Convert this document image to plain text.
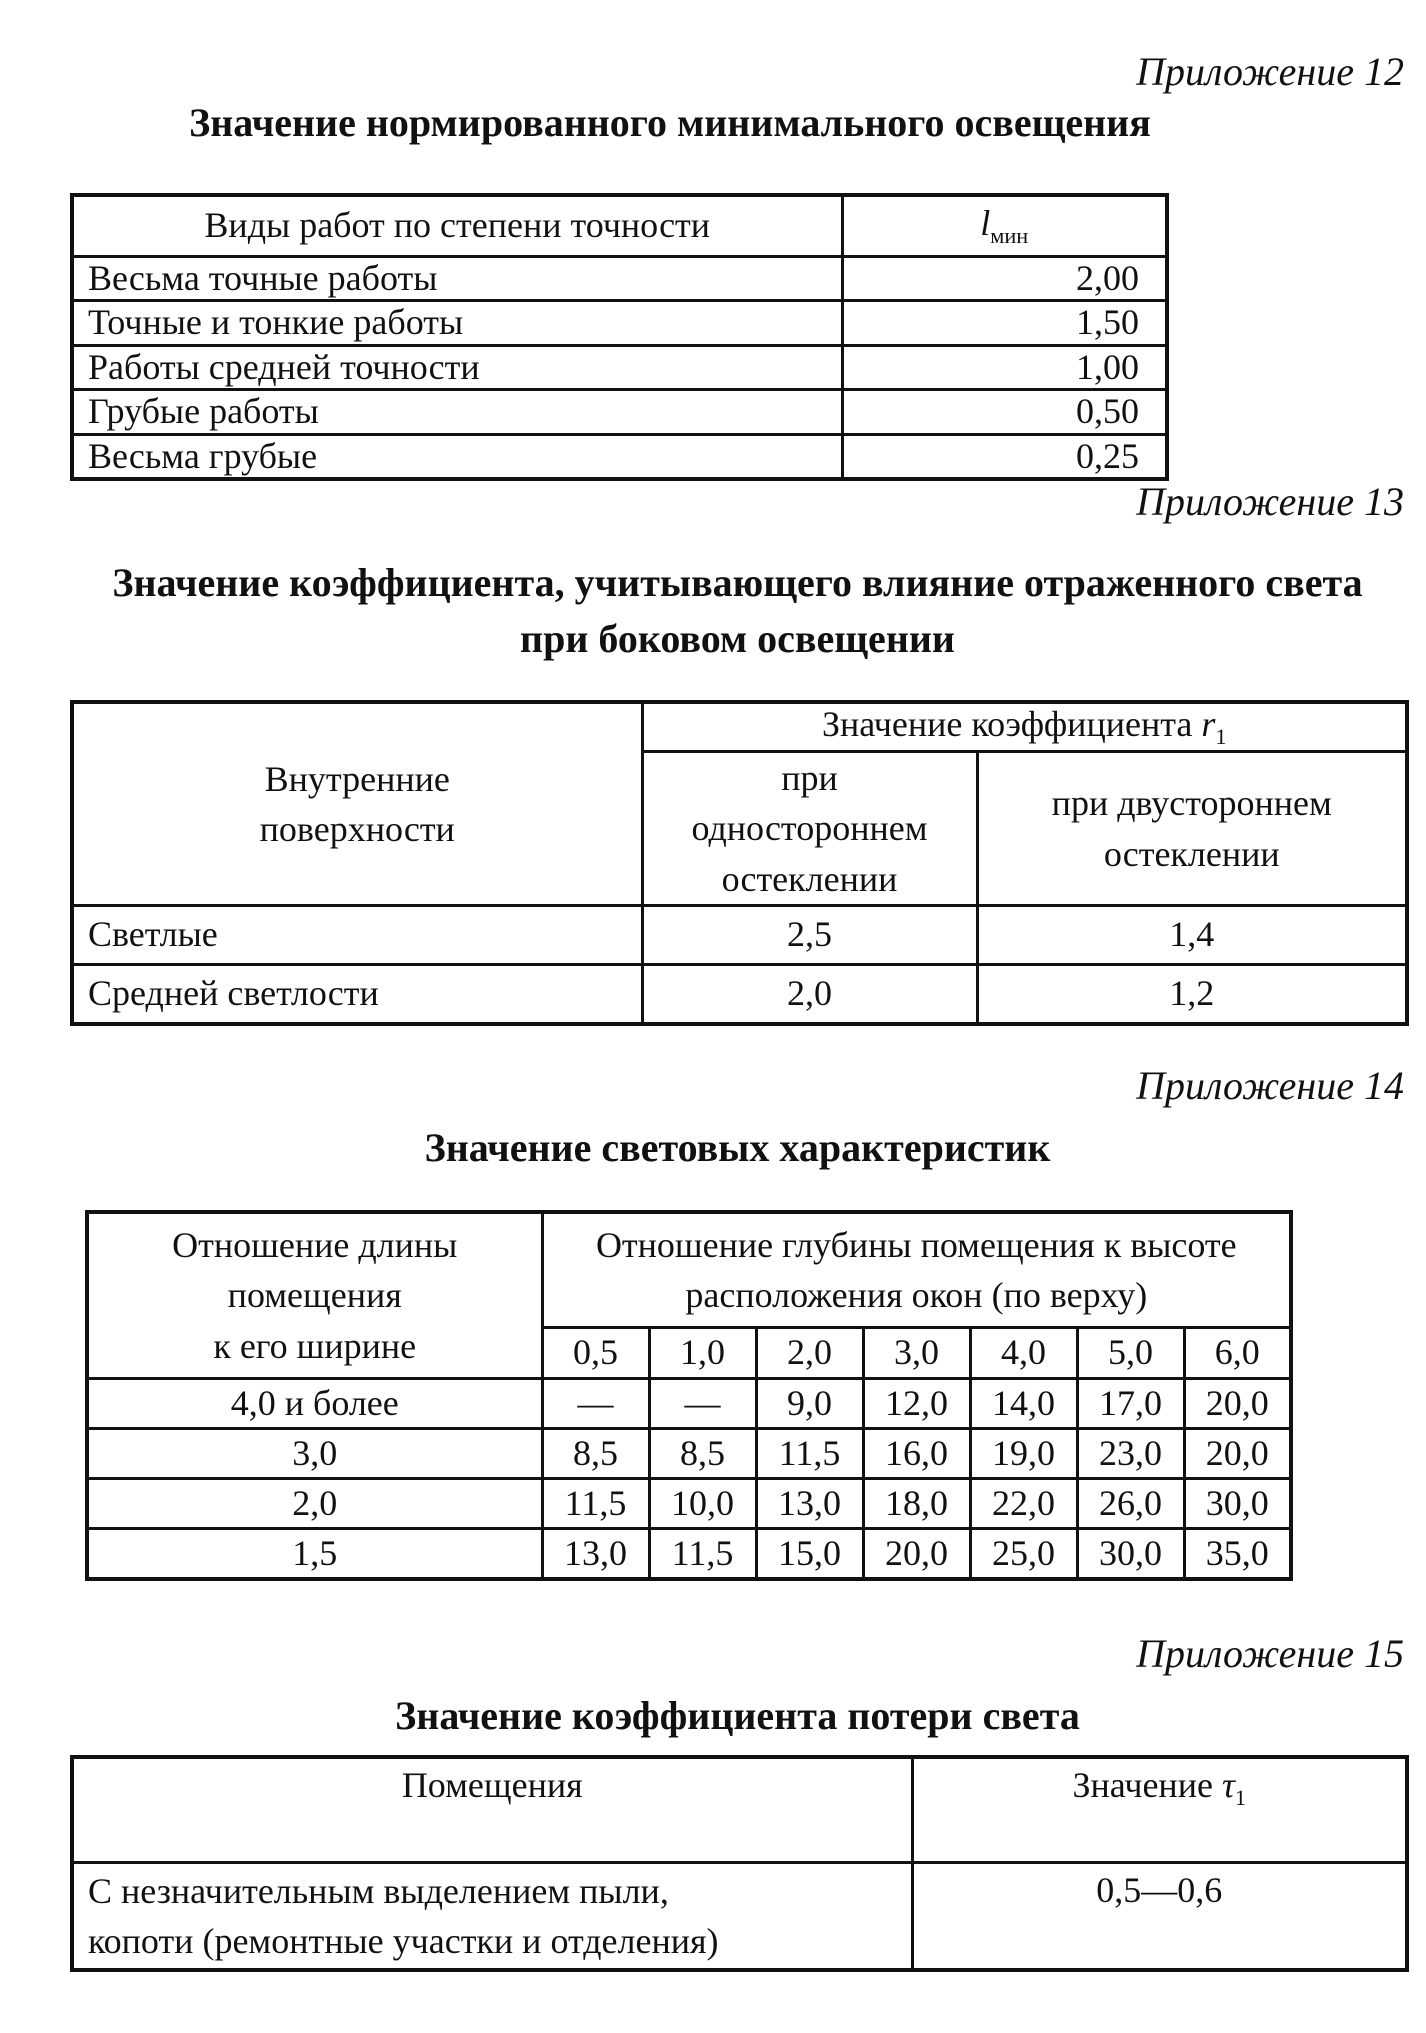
Приложение 12
Значение нормированного минимального освещения
Виды работ по степени точности	$l_{мин}$
Весьма точные работы	2,00
Точные и тонкие работы	1,50
Работы средней точности	1,00
Грубые работы	0,50
Весьма грубые	0,25
Приложение 13
Значение коэффициента, учитывающего влияние отраженного света
при боковом освещении
Внутренние
поверхности	Значение коэффициента $r_1$

при
одностороннем
остеклении

при двустороннем
остеклении

Светлые	2,5	1,4
Средней светлости	2,0	1,2
Приложение 14
Значение световых характеристик
Отношение длины
помещения
к его ширине

Отношение глубины помещения к высоте
расположения окон (по верху)

	0,5	1,0	2,0	3,0	4,0	5,0	6,0
4,0 и более	—	—	9,0	12,0	14,0	17,0	20,0
3,0	8,5	8,5	11,5	16,0	19,0	23,0	20,0
2,0	11,5	10,0	13,0	18,0	22,0	26,0	30,0
1,5	13,0	11,5	15,0	20,0	25,0	30,0	35,0
Приложение 15
Значение коэффициента потери света
Помещения	Значение $\tau_1$

С незначительным выделением пыли,
копоти (ремонтные участки и отделения)	0,5—0,6
